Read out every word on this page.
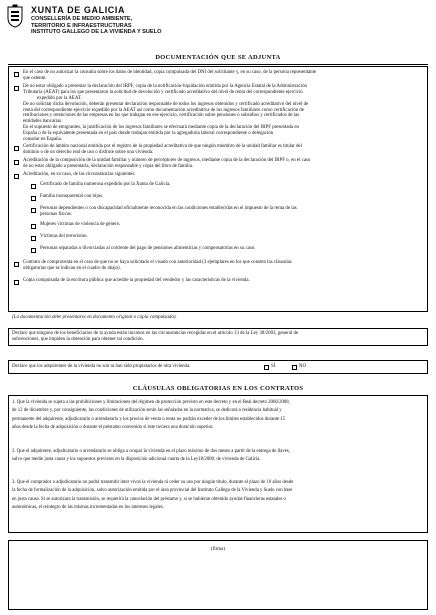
XUNTA DE GALICIA
CONSELLERÍA DE MEDIO AMBIENTE,
TERRITORIO E INFRAESTRUCTURAS
INSTITUTO GALLEGO DE LA VIVIENDA Y SUELO
DOCUMENTACIÓN QUE SE ADJUNTA
En el caso de no autorizar la consulta sobre los datos de identidad, copia compulsada del DNI del solicitante y, en su caso, de la persona representante
que ostente.
De no estar obligado a presentar la declaración del IRPF, copia de la notificación-liquidación emitida por la Agencia Estatal de la Administración
Tributaria (AEAT) para los que presentaron la solicitud de devolución y certificado acreditativo del nivel de renta del correspondiente ejercicio
expedido por la AEAT.
De no solicitar dicha devolución, deberán presentar declaración responsable de todos los ingresos obtenidos y certificado acreditativo del nivel de
renta del correspondiente ejercicio expedido por la AEAT así como documentación acreditativa de los ingresos familiares como certificación de
retribuciones y retenciones de las empresas en las que trabajan en ese ejercicio, certificación sobre pensiones o subsidios y certificados de las
entidades bancarias.
En el supuesto de emigrantes, la justificación de los ingresos familiares se efectuará mediante copia de la declaración del IRPF presentada en
España o de la equivalente presentada en el país donde trabajan emitida por la agregaduría laboral correspondiente o delegación
consular en España.
Certificación de ámbito nacional emitida por el registro de la propiedad acreditativa de que ningún miembro de la unidad familiar es titular del
dominio o de un derecho real de uso o disfrute sobre una vivienda.
Acreditación de la composición de la unidad familiar y número de perceptores de ingresos, mediante copia de la declaración del IRPF o, en el caso
de no estar obligado a presentarla, declaración responsable y copia del libro de familia.
Acreditación, en su caso, de las circunstancias siguientes:
Certificado de familia numerosa expedido por la Xunta de Galicia.
Familia monoparental con hijos.
Personas dependientes o con discapacidad oficialmente reconocida en las condiciones establecidas en el impuesto de la renta de las
personas físicas.
Mujeres víctimas de violencia de género.
Víctimas del terrorismo.
Personas separadas o divorciadas al corriente del pago de pensiones alimenticias y compensatorias en su caso.
Contrato de compraventa en el caso de que no se haya solicitado el visado con anterioridad (3 ejemplares en los que consten las cláusulas
obligatorias que se indican en el cuadro de abajo).
Copia compulsada de la escritura pública que acredite la propiedad del vendedor y las características de la vivienda.
(La documentación debe presentarse en documento original o copia compulsada).
Declaro que ninguno de los beneficiarios de la ayuda están incursos en las circunstancias recogidas en el artículo 13 de la Ley 38/2003, general de
subvenciones, que impiden la obtención para obtener tal condición.
Declaro que los adquirentes de la vivienda no son ni han sido propietarios de otra vivienda.	SÍ	NO
CLÁUSULAS OBLIGATORIAS EN LOS CONTRATOS
1. Que la vivienda se sujeta a las prohibiciones y limitaciones del régimen de protección previsto en este decreto y en el Real decreto 2066/2008,
de 12 de diciembre y, por consiguiente, las condiciones de utilización serán las señaladas en la normativa, se dedicará a residencia habitual y
permanente del adquirente, adjudicatario o arrendatario y los precios de venta o renta no podrán exceder de los límites establecidos durante 15
años desde la fecha de adquisición o durante el préstamo convenido si éste tuviera una duración superior.
2. Que el adquirente, adjudicatario o arrendatario se obliga a ocupar la vivienda en el plazo máximo de dos meses a partir de la entrega de llaves,
salvo que medie justa causa y los supuestos previstos en la disposición adicional cuarta de la Ley18/2008, de vivienda de Galicia.
3. Que el comprador o adjudicatario no podrá transmitir inter vivos la vivienda ni ceder su uso por ningún título, durante el plazo de 10 años desde
la fecha de formalización de la adquisición, salvo autorización emitida por el área provincial del Instituto Gallego de la Vivienda y Suelo con base
en justa causa. Si se autorizara la transmisión, se requerirá la cancelación del préstamo y, si se hubieran obtenido ayudas financieras estatales o
autonómicas, el reintegro de las mismas incrementadas en los intereses legales.
(firma)
